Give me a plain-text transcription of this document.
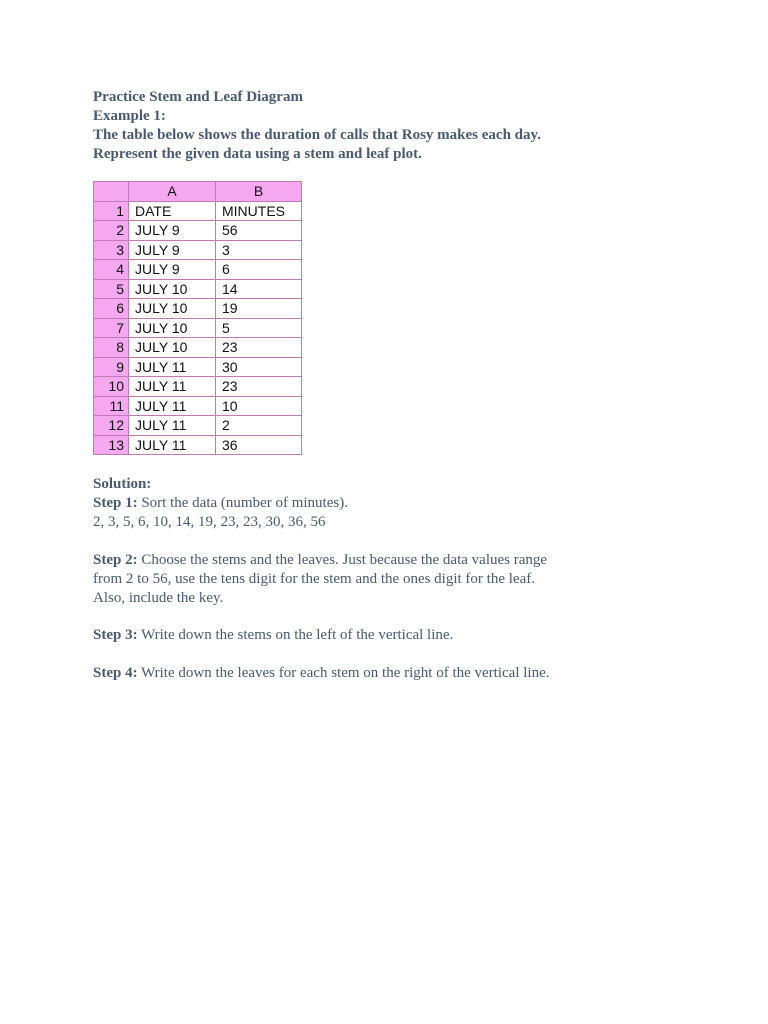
Practice Stem and Leaf Diagram
Example 1:
The table below shows the duration of calls that Rosy makes each day.
Represent the given data using a stem and leaf plot.
	A	B
1	DATE	MINUTES
2	JULY 9	56
3	JULY 9	3
4	JULY 9	6
5	JULY 10	14
6	JULY 10	19
7	JULY 10	5
8	JULY 10	23
9	JULY 11	30
10	JULY 11	23
11	JULY 11	10
12	JULY 11	2
13	JULY 11	36
Solution:
Step 1: Sort the data (number of minutes).
2, 3, 5, 6, 10, 14, 19, 23, 23, 30, 36, 56
Step 2: Choose the stems and the leaves. Just because the data values range
from 2 to 56, use the tens digit for the stem and the ones digit for the leaf.
Also, include the key.
Step 3: Write down the stems on the left of the vertical line.
Step 4: Write down the leaves for each stem on the right of the vertical line.
